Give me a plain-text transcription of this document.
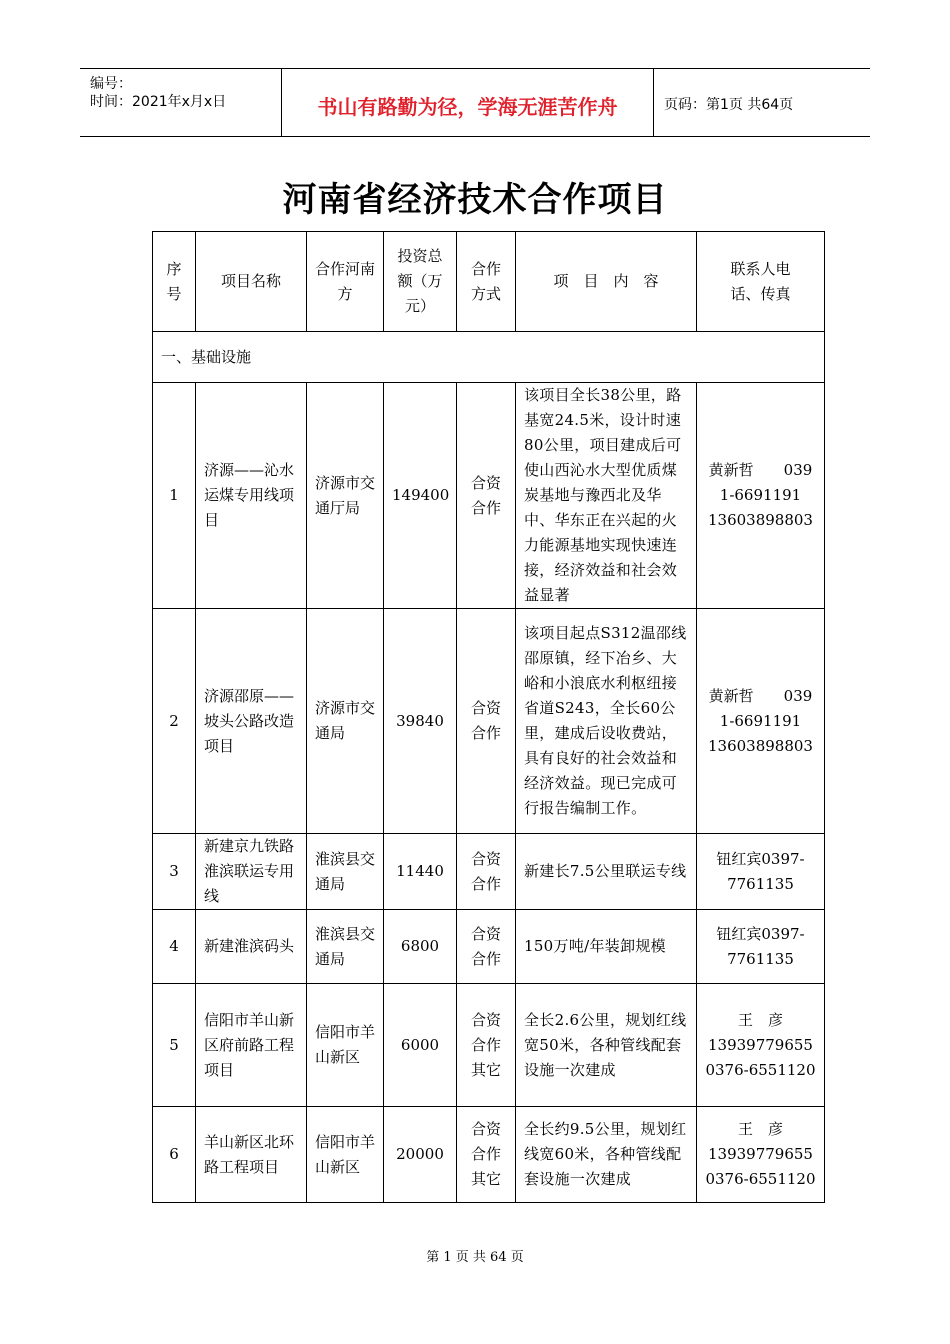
编号：
时间：2021年x月x日	书山有路勤为径，学海无涯苦作舟	页码：第1页 共64页
河南省经济技术合作项目
序号	项目名称	合作河南方	投资总额（万元）	合作方式	项　目　内　容	联系人电话、传真

一、基础设施						
1	济源——沁水运煤专用线项目	济源市交通厅局	149400	合资合作	该项目全长38公里，路基宽24.5米，设计时速80公里，项目建成后可使山西沁水大型优质煤炭基地与豫西北及华中、华东正在兴起的火力能源基地实现快速连接，经济效益和社会效益显著	黄新哲　　039 1-6691191 13603898803
2	济源邵原——坡头公路改造项目	济源市交通局	39840	合资合作	该项目起点S312温邵线邵原镇，经下冶乡、大峪和小浪底水利枢纽接省道S243，全长60公里，建成后设收费站，具有良好的社会效益和经济效益。现已完成可行报告编制工作。	黄新哲　　039 1-6691191 13603898803
3	新建京九铁路淮滨联运专用线	淮滨县交通局	11440	合资合作	新建长7.5公里联运专线	钮红宾0397-7761135
4	新建淮滨码头	淮滨县交通局	6800	合资合作	150万吨/年装卸规模	钮红宾0397-7761135
5	信阳市羊山新区府前路工程项目	信阳市羊山新区	6000	合资合作其它	全长2.6公里，规划红线宽50米，各种管线配套设施一次建成	王　彦 13939779655 0376-6551120
6	羊山新区北环路工程项目	信阳市羊山新区	20000	合资合作其它	全长约9.5公里，规划红线宽60米，各种管线配套设施一次建成	王　彦 13939779655 0376-6551120
第 1 页 共 64 页
